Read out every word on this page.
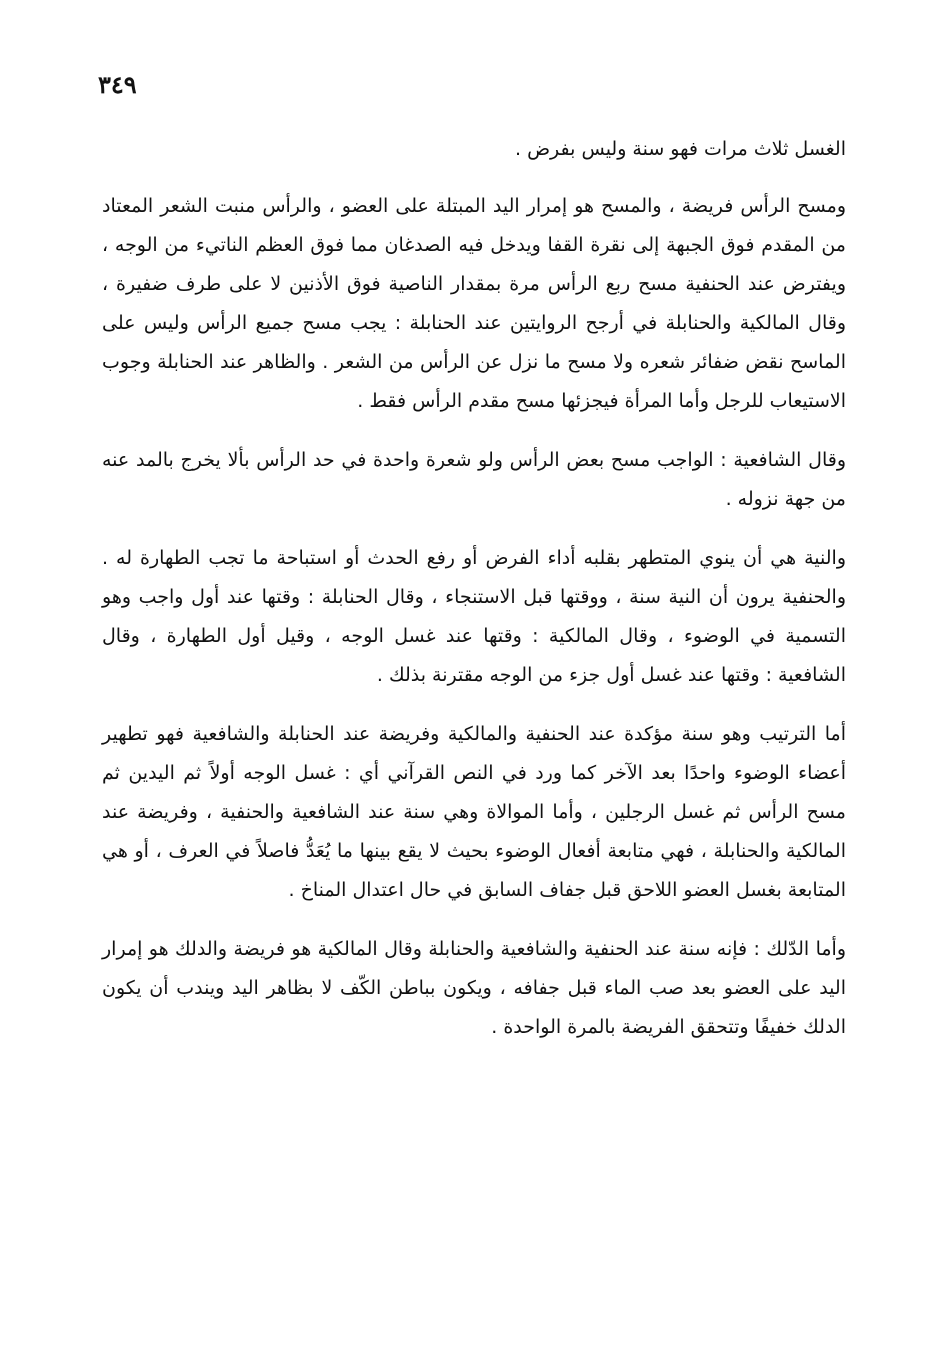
٣٤٩

الغسل ثلاث مرات فهو سنة وليس بفرض .

ومسح الرأس فريضة ، والمسح هو إمرار اليد المبتلة على العضو ، والرأس منبت الشعر المعتاد من المقدم فوق الجبهة إلى نقرة القفا ويدخل فيه الصدغان مما فوق العظم الناتيء من الوجه ، ويفترض عند الحنفية مسح ربع الرأس مرة بمقدار الناصية فوق الأذنين لا على طرف ضفيرة ، وقال المالكية والحنابلة في أرجح الروايتين عند الحنابلة : يجب مسح جميع الرأس وليس على الماسح نقض ضفائر شعره ولا مسح ما نزل عن الرأس من الشعر . والظاهر عند الحنابلة وجوب الاستيعاب للرجل وأما المرأة فيجزئها مسح مقدم الرأس فقط .

وقال الشافعية : الواجب مسح بعض الرأس ولو شعرة واحدة في حد الرأس بألا يخرج بالمد عنه من جهة نزوله .

والنية هي أن ينوي المتطهر بقلبه أداء الفرض أو رفع الحدث أو استباحة ما تجب الطهارة له . والحنفية يرون أن النية سنة ، ووقتها قبل الاستنجاء ، وقال الحنابلة : وقتها عند أول واجب وهو التسمية في الوضوء ، وقال المالكية : وقتها عند غسل الوجه ، وقيل أول الطهارة ، وقال الشافعية : وقتها عند غسل أول جزء من الوجه مقترنة بذلك .

أما الترتيب وهو سنة مؤكدة عند الحنفية والمالكية وفريضة عند الحنابلة والشافعية فهو تطهير أعضاء الوضوء واحدًا بعد الآخر كما ورد في النص القرآني أي : غسل الوجه أولاً ثم اليدين ثم مسح الرأس ثم غسل الرجلين ، وأما الموالاة وهي سنة عند الشافعية والحنفية ، وفريضة عند المالكية والحنابلة ، فهي متابعة أفعال الوضوء بحيث لا يقع بينها ما يُعَدُّ فاصلاً في العرف ، أو هي المتابعة بغسل العضو اللاحق قبل جفاف السابق في حال اعتدال المناخ .

وأما الدّلك : فإنه سنة عند الحنفية والشافعية والحنابلة وقال المالكية هو فريضة والدلك هو إمرار اليد على العضو بعد صب الماء قبل جفافه ، ويكون بباطن الكّف لا بظاهر اليد ويندب أن يكون الدلك خفيفًا وتتحقق الفريضة بالمرة الواحدة .
